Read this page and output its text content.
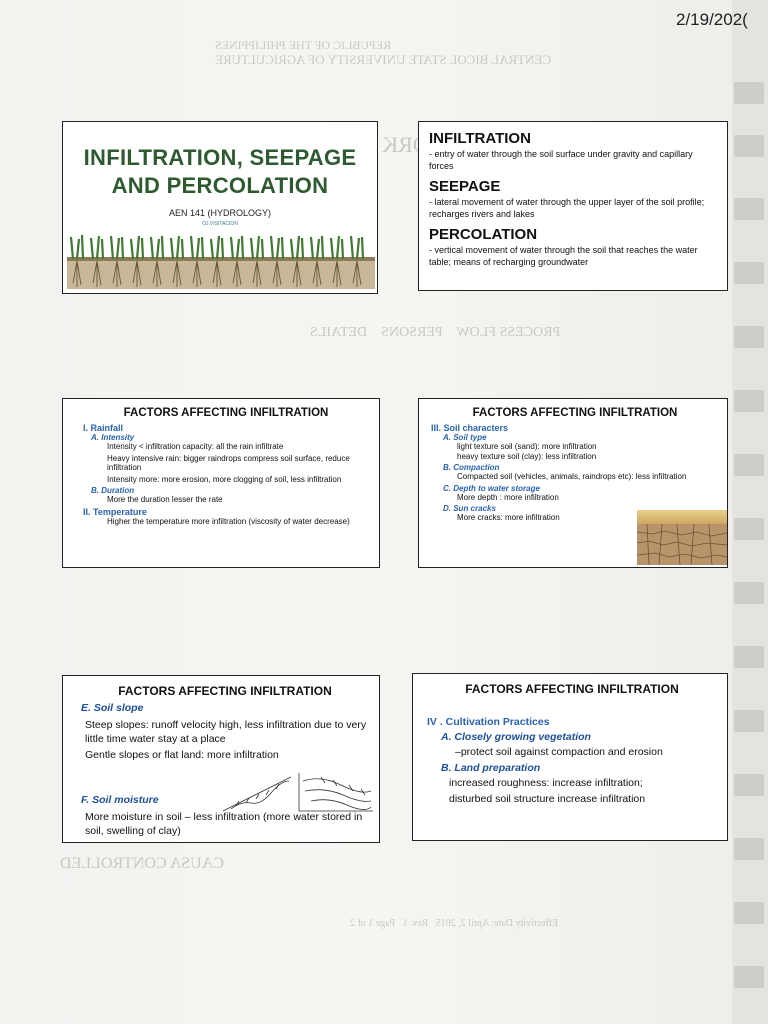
REPUBLIC OF THE PHILIPPINES
CENTRAL BICOL STATE UNIVERSITY OF AGRICULTURE
WORK
PROCESS FLOW    PERSONS    DETAILS
CAUSA CONTROLLED
Effectivity Date: April 2, 2015   Rev. 1   Page 1 of 2
2/19/202(
INFILTRATION, SEEPAGE
AND PERCOLATION
AEN 141 (HYDROLOGY)
OJ.VISITACION

INFILTRATION

- entry of water through the soil surface under gravity and capillary forces

SEEPAGE

- lateral movement of water through the upper layer of the soil profile; recharges rivers and lakes

PERCOLATION

- vertical movement of water through the soil that reaches the water table; means of recharging groundwater

FACTORS AFFECTING INFILTRATION
I. Rainfall
A. Intensity
Intensity < infiltration capacity: all the rain infiltrate
Heavy intensive rain: bigger raindrops compress soil surface, reduce infiltration
Intensity more: more erosion, more clogging of soil, less infiltration
B. Duration
More the duration lesser the rate
II. Temperature
Higher the temperature more infiltration (viscosity of water decrease)
FACTORS AFFECTING INFILTRATION
III. Soil characters
A. Soil type
light texture soil (sand): more infiltration
heavy texture soil (clay): less infiltration
B. Compaction
Compacted soil (vehicles, animals, raindrops etc): less infiltration
C. Depth to water storage
More depth : more infiltration
D. Sun cracks
More cracks: more infiltration
FACTORS AFFECTING INFILTRATION
E. Soil slope
Steep slopes: runoff velocity high, less infiltration due to very little time water stay at a place
Gentle slopes or flat land: more infiltration
F. Soil moisture
More moisture in soil – less infiltration (more water stored in soil, swelling of clay)
FACTORS AFFECTING INFILTRATION
IV . Cultivation Practices
A. Closely growing vegetation
–protect soil against compaction and erosion
B. Land preparation
increased roughness: increase infiltration;
disturbed soil structure increase infiltration
